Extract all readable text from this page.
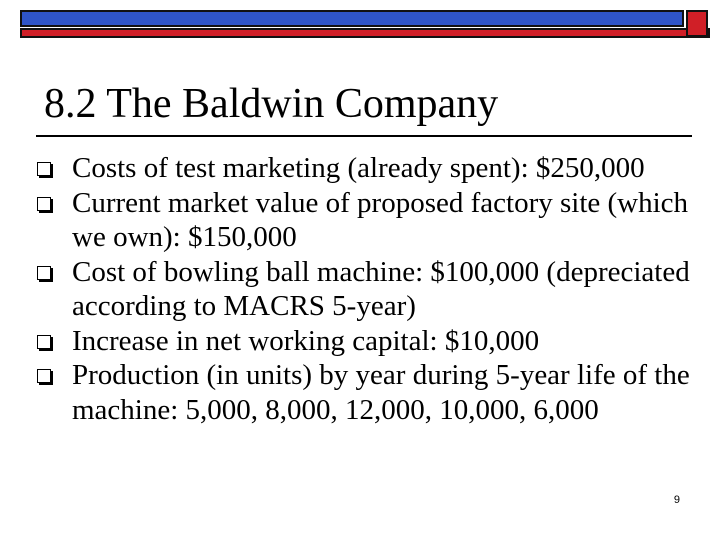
8.2 The Baldwin Company
Costs of test marketing (already spent): $250,000
Current market value of proposed factory site (which we own): $150,000
Cost of bowling ball machine: $100,000 (depreciated according to MACRS 5-year)
Increase in net working capital: $10,000
Production (in units) by year during 5-year life of the machine: 5,000, 8,000, 12,000, 10,000, 6,000
9
